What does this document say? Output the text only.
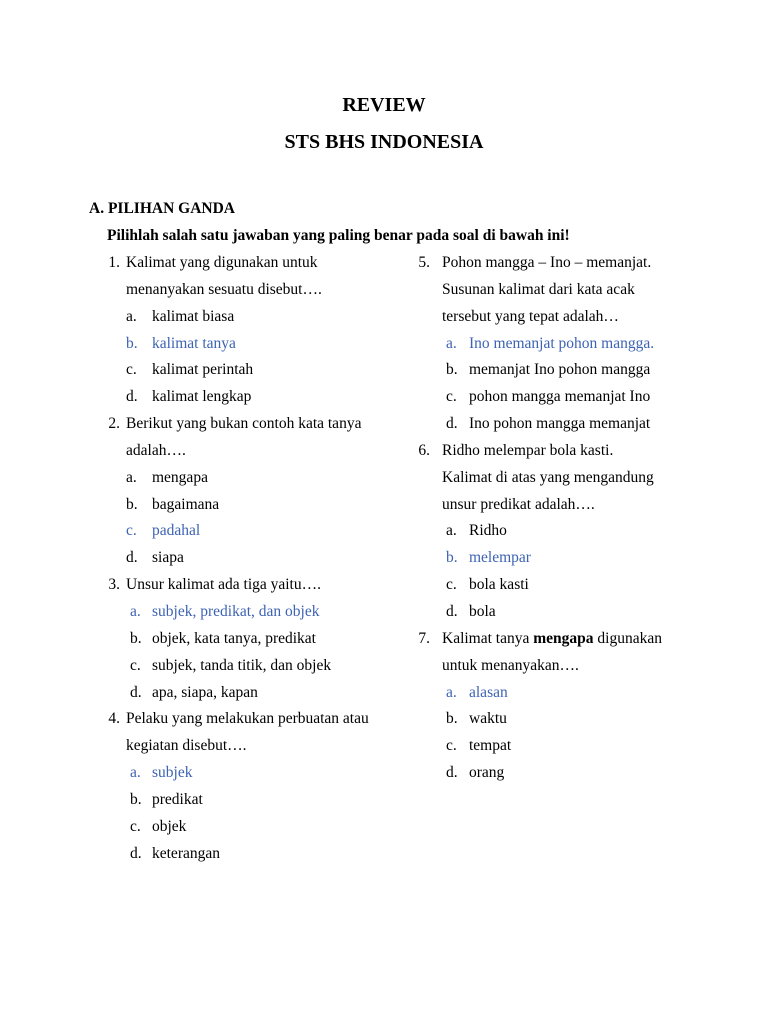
REVIEW
STS BHS INDONESIA
A. PILIHAN GANDA
Pilihlah salah satu jawaban yang paling benar pada soal di bawah ini!
1. Kalimat yang digunakan untuk
menanyakan sesuatu disebut….
a. kalimat biasa
b. kalimat tanya
c. kalimat perintah
d. kalimat lengkap
2. Berikut yang bukan contoh kata tanya
adalah….
a. mengapa
b. bagaimana
c. padahal
d. siapa
3. Unsur kalimat ada tiga yaitu….
a. subjek, predikat, dan objek
b. objek, kata tanya, predikat
c. subjek, tanda titik, dan objek
d. apa, siapa, kapan
4. Pelaku yang melakukan perbuatan atau
kegiatan disebut….
a. subjek
b. predikat
c. objek
d. keterangan
5. Pohon mangga – Ino – memanjat.
Susunan kalimat dari kata acak
tersebut yang tepat adalah…
a. Ino memanjat pohon mangga.
b. memanjat Ino pohon mangga
c. pohon mangga memanjat Ino
d. Ino pohon mangga memanjat
6. Ridho melempar bola kasti.
Kalimat di atas yang mengandung
unsur predikat adalah….
a. Ridho
b. melempar
c. bola kasti
d. bola
7. Kalimat tanya mengapa digunakan
untuk menanyakan….
a. alasan
b. waktu
c. tempat
d. orang
